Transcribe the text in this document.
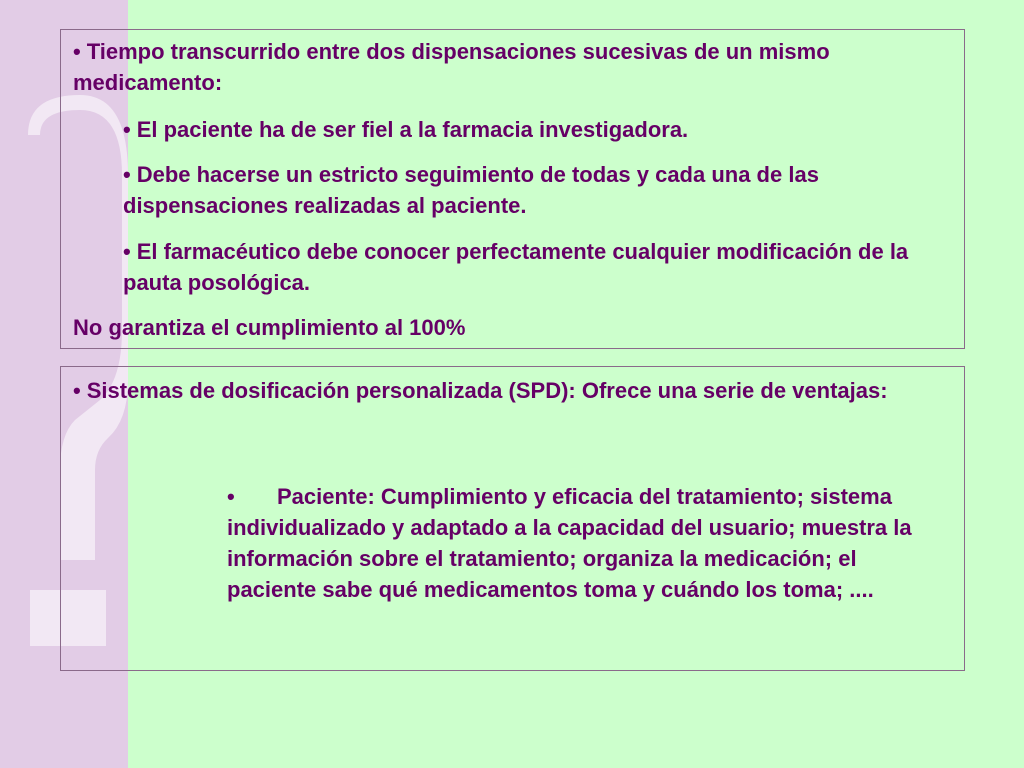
• Tiempo transcurrido entre dos dispensaciones sucesivas de un mismo medicamento:

• El paciente ha de ser fiel a la farmacia investigadora.

• Debe hacerse un estricto seguimiento de todas y cada una de las dispensaciones realizadas al paciente.

• El farmacéutico debe conocer perfectamente cualquier modificación de la pauta posológica.

No garantiza el cumplimiento al 100%

• Sistemas de dosificación personalizada (SPD): Ofrece una serie de ventajas:

• Paciente: Cumplimiento y eficacia del tratamiento; sistema individualizado y adaptado a la capacidad del usuario; muestra la información sobre el tratamiento; organiza la medicación; el paciente sabe qué medicamentos toma y cuándo los toma; ....
